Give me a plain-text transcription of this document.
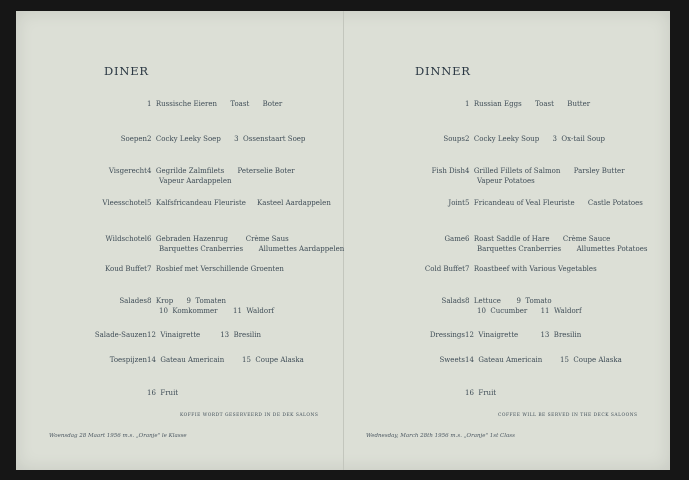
DINER
1  Russische Eieren      Toast      Boter
Soepen 2  Cocky Leeky Soep      3  Ossenstaart Soep
Visgerecht 4  Gegrilde Zalmfilets      Peterselie Boter
Vapeur Aardappelen
Vleesschotel 5  Kalfsfricandeau Fleuriste     Kasteel Aardappelen
Wildschotel 6  Gebraden Hazenrug        Crème Saus
Barquettes Cranberries       Allumettes Aardappelen
Koud Buffet 7  Rosbief met Verschillende Groenten
Salades 8  Krop      9  Tomaten
10  Komkommer       11  Waldorf
Salade-Sauzen 12  Vinaigrette         13  Bresilin
Toespijzen 14  Gateau Americain        15  Coupe Alaska
16  Fruit
KOFFIE WORDT GESERVEERD IN DE DEK SALONS
Woensdag 28 Maart 1956 m.s. „Oranje" le Klasse
DINNER
1  Russian Eggs      Toast      Butter
Soups 2  Cocky Leeky Soup      3  Ox-tail Soup
Fish Dish 4  Grilled Fillets of Salmon      Parsley Butter
Vapeur Potatoes
Joint 5  Fricandeau of Veal Fleuriste      Castle Potatoes
Game 6  Roast Saddle of Hare      Crème Sauce
Barquettes Cranberries       Allumettes Potatoes
Cold Buffet 7  Roastbeef with Various Vegetables
Salads 8  Lettuce       9  Tomato
10  Cucumber      11  Waldorf
Dressings 12  Vinaigrette          13  Bresilin
Sweets 14  Gateau Americain        15  Coupe Alaska
16  Fruit
COFFEE WILL BE SERVED IN THE DECK SALOONS
Wednesday, March 28th 1956 m.s. „Oranje" 1st Class
